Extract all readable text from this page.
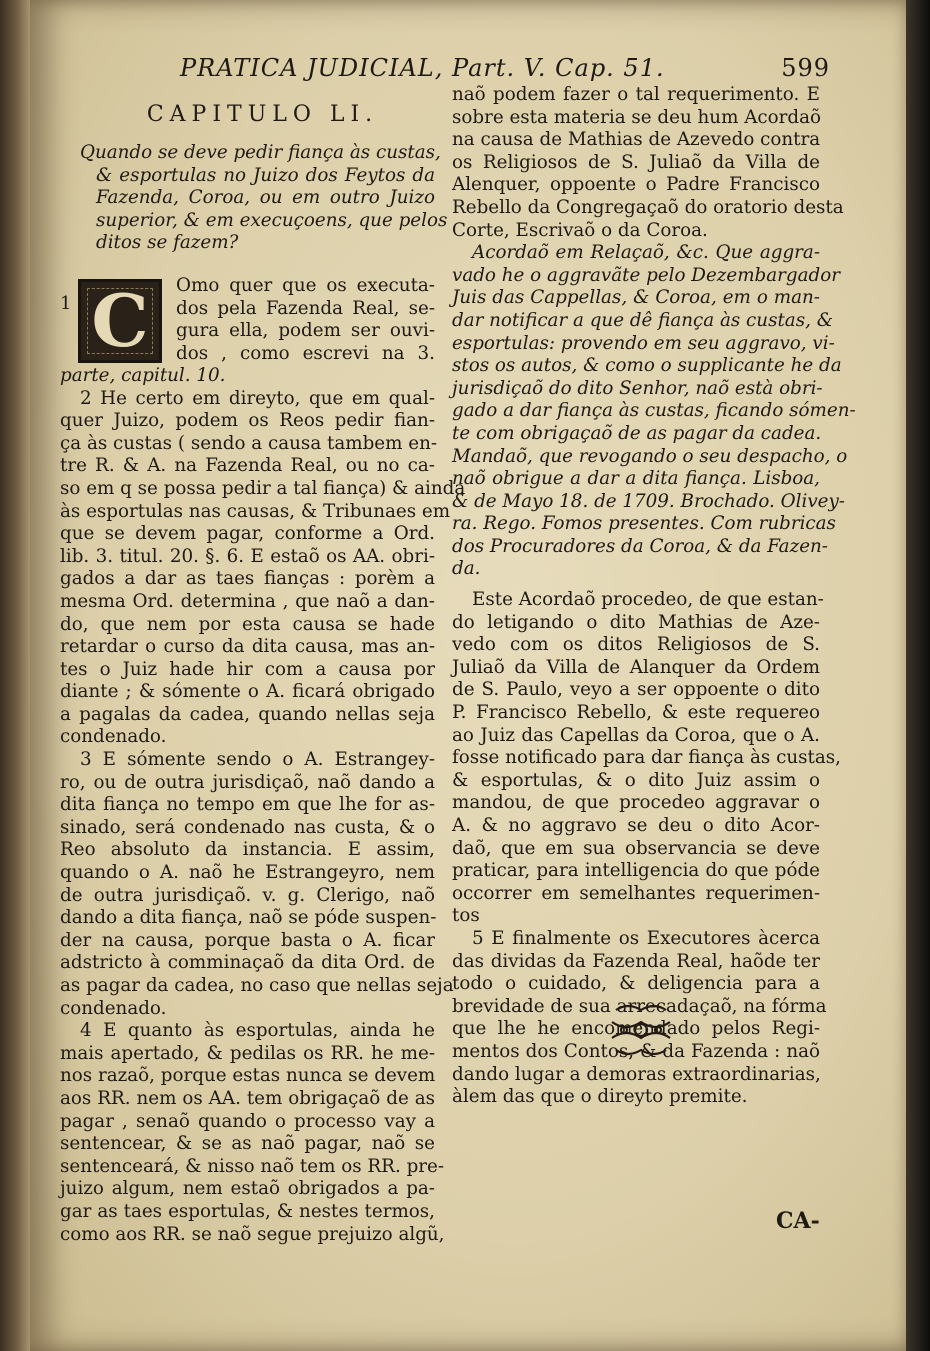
PRATICA JUDICIAL, Part. V. Cap. 51.	599
CAPITULO LI.
Quando se deve pedir fiança às custas,
& esportulas no Juizo dos Feytos da
Fazenda, Coroa, ou em outro Juizo
superior, & em execuçoens, que pelos
ditos se fazem?
1 C	Omo quer que os executa-
dos pela Fazenda Real, se-
gura ella, podem ser ouvi-
dos , como escrevi na 3.
parte, capitul. 10.
2 He certo em direyto, que em qual-
quer Juizo, podem os Reos pedir fian-
ça às custas ( sendo a causa tambem en-
tre R. & A. na Fazenda Real, ou no ca-
so em q se possa pedir a tal fiança) & ainda
às esportulas nas causas, & Tribunaes em
que se devem pagar, conforme a Ord.
lib. 3. titul. 20. §. 6. E estaõ os AA. obri-
gados a dar as taes fianças : porèm a
mesma Ord. determina , que naõ a dan-
do, que nem por esta causa se hade
retardar o curso da dita causa, mas an-
tes o Juiz hade hir com a causa por
diante ; & sómente o A. ficará obrigado
a pagalas da cadea, quando nellas seja
condenado.
3 E sómente sendo o A. Estrangey-
ro, ou de outra jurisdiçaõ, naõ dando a
dita fiança no tempo em que lhe for as-
sinado, será condenado nas custa, & o
Reo absoluto da instancia. E assim,
quando o A. naõ he Estrangeyro, nem
de outra jurisdiçaõ. v. g. Clerigo, naõ
dando a dita fiança, naõ se póde suspen-
der na causa, porque basta o A. ficar
adstricto à comminaçaõ da dita Ord. de
as pagar da cadea, no caso que nellas seja
condenado.
4 E quanto às esportulas, ainda he
mais apertado, & pedilas os RR. he me-
nos razaõ, porque estas nunca se devem
aos RR. nem os AA. tem obrigaçaõ de as
pagar , senaõ quando o processo vay a
sentencear, & se as naõ pagar, naõ se
sentenceará, & nisso naõ tem os RR. pre-
juizo algum, nem estaõ obrigados a pa-
gar as taes esportulas, & nestes termos,
como aos RR. se naõ segue prejuizo algũ,
naõ podem fazer o tal requerimento. E
sobre esta materia se deu hum Acordaõ
na causa de Mathias de Azevedo contra
os Religiosos de S. Juliaõ da Villa de
Alenquer, oppoente o Padre Francisco
Rebello da Congregaçaõ do oratorio desta
Corte, Escrivaõ o da Coroa.
Acordaõ em Relaçaõ, &c. Que aggra-
vado he o aggravãte pelo Dezembargador
Juis das Cappellas, & Coroa, em o man-
dar notificar a que dê fiança às custas, &
esportulas: provendo em seu aggravo, vi-
stos os autos, & como o supplicante he da
jurisdiçaõ do dito Senhor, naõ està obri-
gado a dar fiança às custas, ficando sómen-
te com obrigaçaõ de as pagar da cadea.
Mandaõ, que revogando o seu despacho, o
naõ obrigue a dar a dita fiança. Lisboa,
& de Mayo 18. de 1709. Brochado. Olivey-
ra. Rego. Fomos presentes. Com rubricas
dos Procuradores da Coroa, & da Fazen-
da.
Este Acordaõ procedeo, de que estan-
do letigando o dito Mathias de Aze-
vedo com os ditos Religiosos de S.
Juliaõ da Villa de Alanquer da Ordem
de S. Paulo, veyo a ser oppoente o dito
P. Francisco Rebello, & este requereo
ao Juiz das Capellas da Coroa, que o A.
fosse notificado para dar fiança às custas,
& esportulas, & o dito Juiz assim o
mandou, de que procedeo aggravar o
A. & no aggravo se deu o dito Acor-
daõ, que em sua observancia se deve
praticar, para intelligencia do que póde
occorrer em semelhantes requerimen-
tos
5 E finalmente os Executores àcerca
das dividas da Fazenda Real, haõde ter
todo o cuidado, & deligencia para a
brevidade de sua arrecadaçaõ, na fórma
que lhe he encomendado pelos Regi-
mentos dos Contos, & da Fazenda : naõ
dando lugar a demoras extraordinarias,
àlem das que o direyto premite.
CA-
